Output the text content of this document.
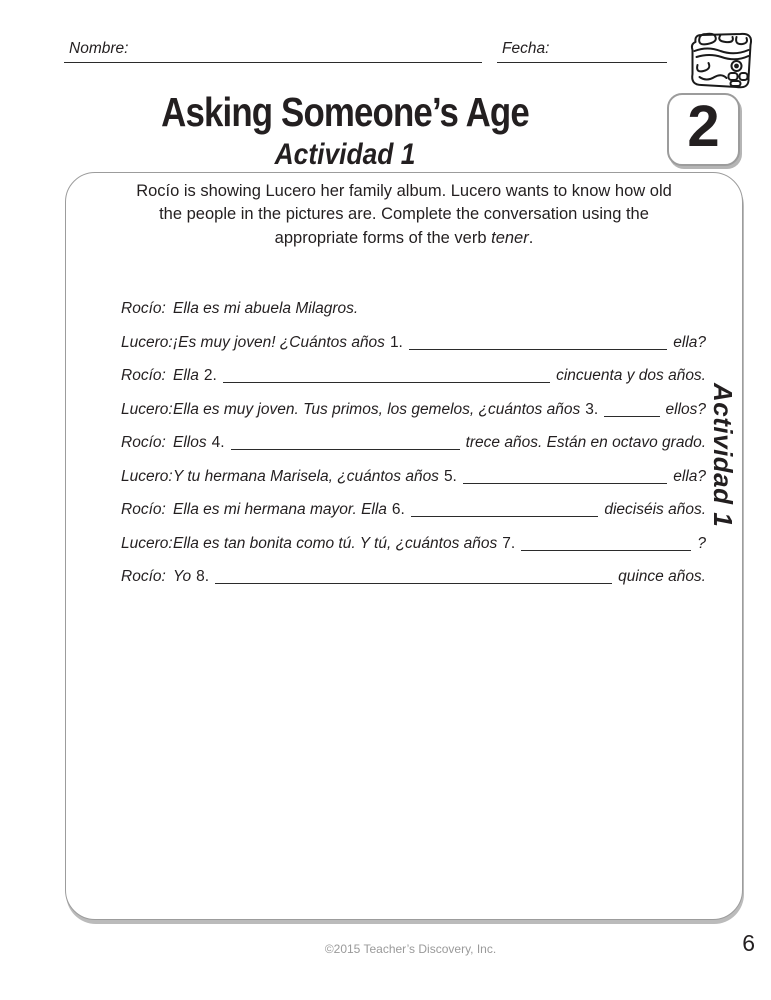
Nombre:	Fecha:
Asking Someone’s Age
Actividad 1	2

Rocío is showing Lucero her family album. Lucero wants to know how old
the people in the pictures are. Complete the conversation using the
appropriate forms of the verb tener.

Rocío: Ella es mi abuela Milagros.
Lucero: ¡Es muy joven! ¿Cuántos años 1.	ella?
Rocío: Ella 2.	cincuenta y dos años.
Lucero: Ella es muy joven. Tus primos, los gemelos, ¿cuántos años 3.	ellos?
Rocío: Ellos 4.	trece años. Están en octavo grado.
Lucero: Y tu hermana Marisela, ¿cuántos años 5.	ella?
Rocío: Ella es mi hermana mayor. Ella 6.	dieciséis años.
Lucero: Ella es tan bonita como tú. Y tú, ¿cuántos años 7.	?
Rocío: Yo 8.	quince años.
Actividad 1
©2015 Teacher’s Discovery, Inc.	6
